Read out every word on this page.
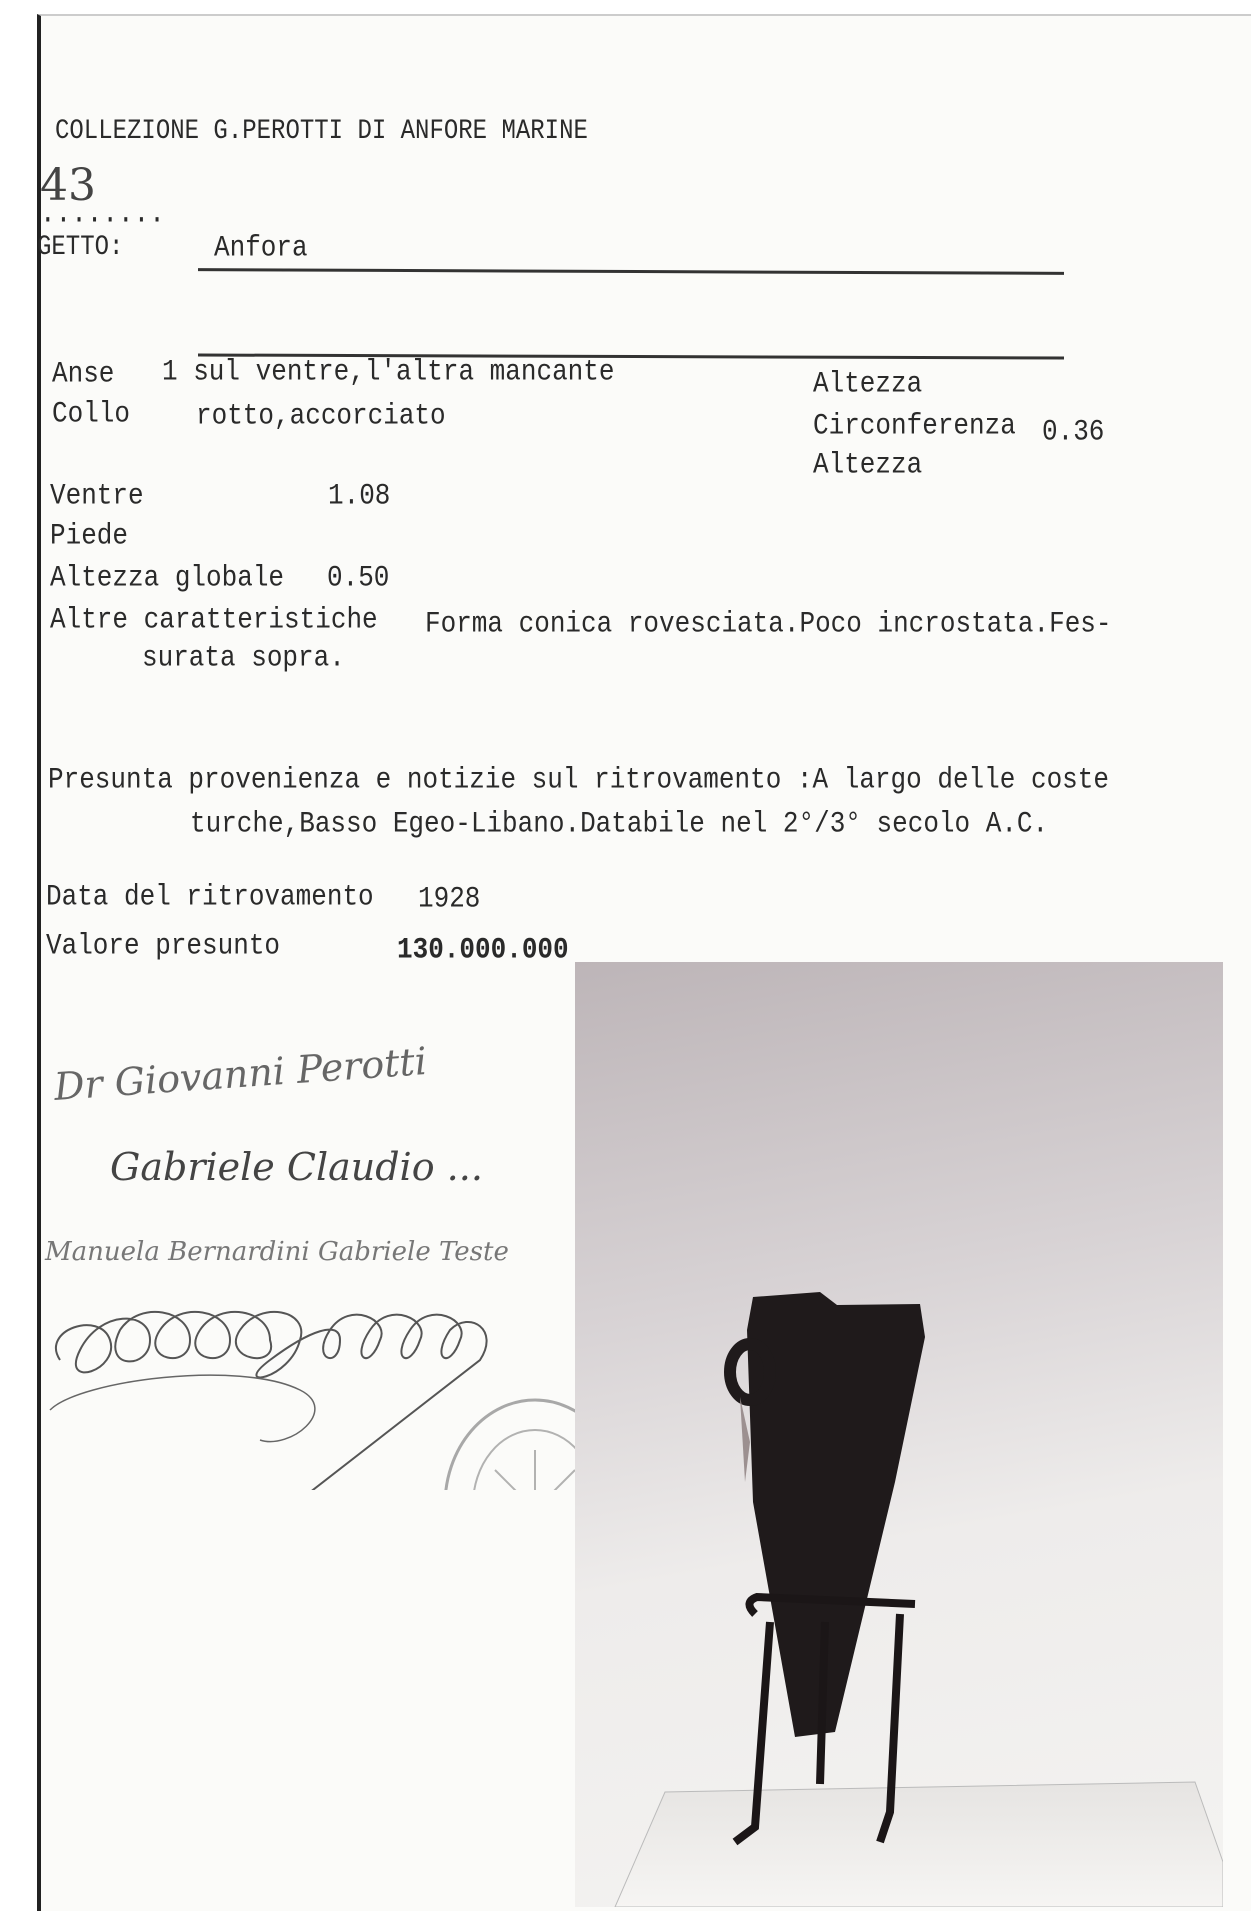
COLLEZIONE G.PEROTTI DI ANFORE MARINE
43
........
GETTO:	Anfora
Anse 1 sul ventre,l'altra mancante
Collo	rotto,accorciato
Altezza
Circonferenza 0.36
Altezza
Ventre	1.08
Piede
Altezza globale 0.50
Altre caratteristiche Forma conica rovesciata.Poco incrostata.Fes-
surata sopra.
Presunta provenienza e notizie sul ritrovamento :A largo delle coste
turche,Basso Egeo-Libano.Databile nel 2°/3° secolo A.C.
Data del ritrovamento 1928
Valore presunto	130.000.000
Dr Giovanni Perotti
Gabriele Claudio ...
Manuela Bernardini Gabriele Teste
